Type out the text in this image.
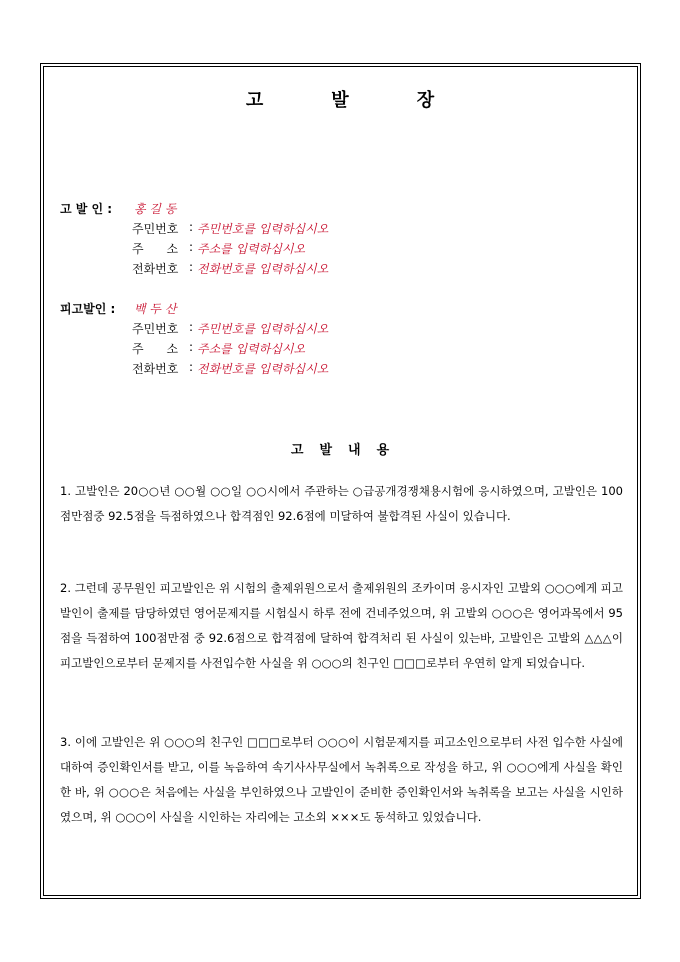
고	발	장
고 발 인 : 홍 길 동
주민번호 : 주민번호를 입력하십시오
주      소 : 주소를 입력하십시오
전화번호 : 전화번호를 입력하십시오
피고발인 : 백 두 산
주민번호 : 주민번호를 입력하십시오
주      소 : 주소를 입력하십시오
전화번호 : 전화번호를 입력하십시오
고 발 내 용
1. 고발인은 20○○년 ○○월 ○○일 ○○시에서 주관하는 ○급공개경쟁채용시험에 응시하였으며, 고발인은 100점만점중 92.5점을 득점하였으나 합격점인 92.6점에 미달하여 불합격된 사실이 있습니다.
2. 그런데 공무원인 피고발인은 위 시험의 출제위원으로서 출제위원의 조카이며 응시자인 고발외 ○○○에게 피고발인이 출제를 담당하였던 영어문제지를 시험실시 하루 전에 건네주었으며, 위 고발외 ○○○은 영어과목에서 95점을 득점하여 100점만점 중 92.6점으로 합격점에 달하여 합격처리 된 사실이 있는바, 고발인은 고발외 △△△이 피고발인으로부터 문제지를 사전입수한 사실을 위 ○○○의 친구인 □□□로부터 우연히 알게 되었습니다.
3. 이에 고발인은 위 ○○○의 친구인 □□□로부터 ○○○이 시험문제지를 피고소인으로부터 사전 입수한 사실에 대하여 증인확인서를 받고, 이를 녹음하여 속기사사무실에서 녹취록으로 작성을 하고, 위 ○○○에게 사실을 확인한 바, 위 ○○○은 처음에는 사실을 부인하였으나 고발인이 준비한 증인확인서와 녹취록을 보고는 사실을 시인하였으며, 위 ○○○이 사실을 시인하는 자리에는 고소외 ×××도 동석하고 있었습니다.
